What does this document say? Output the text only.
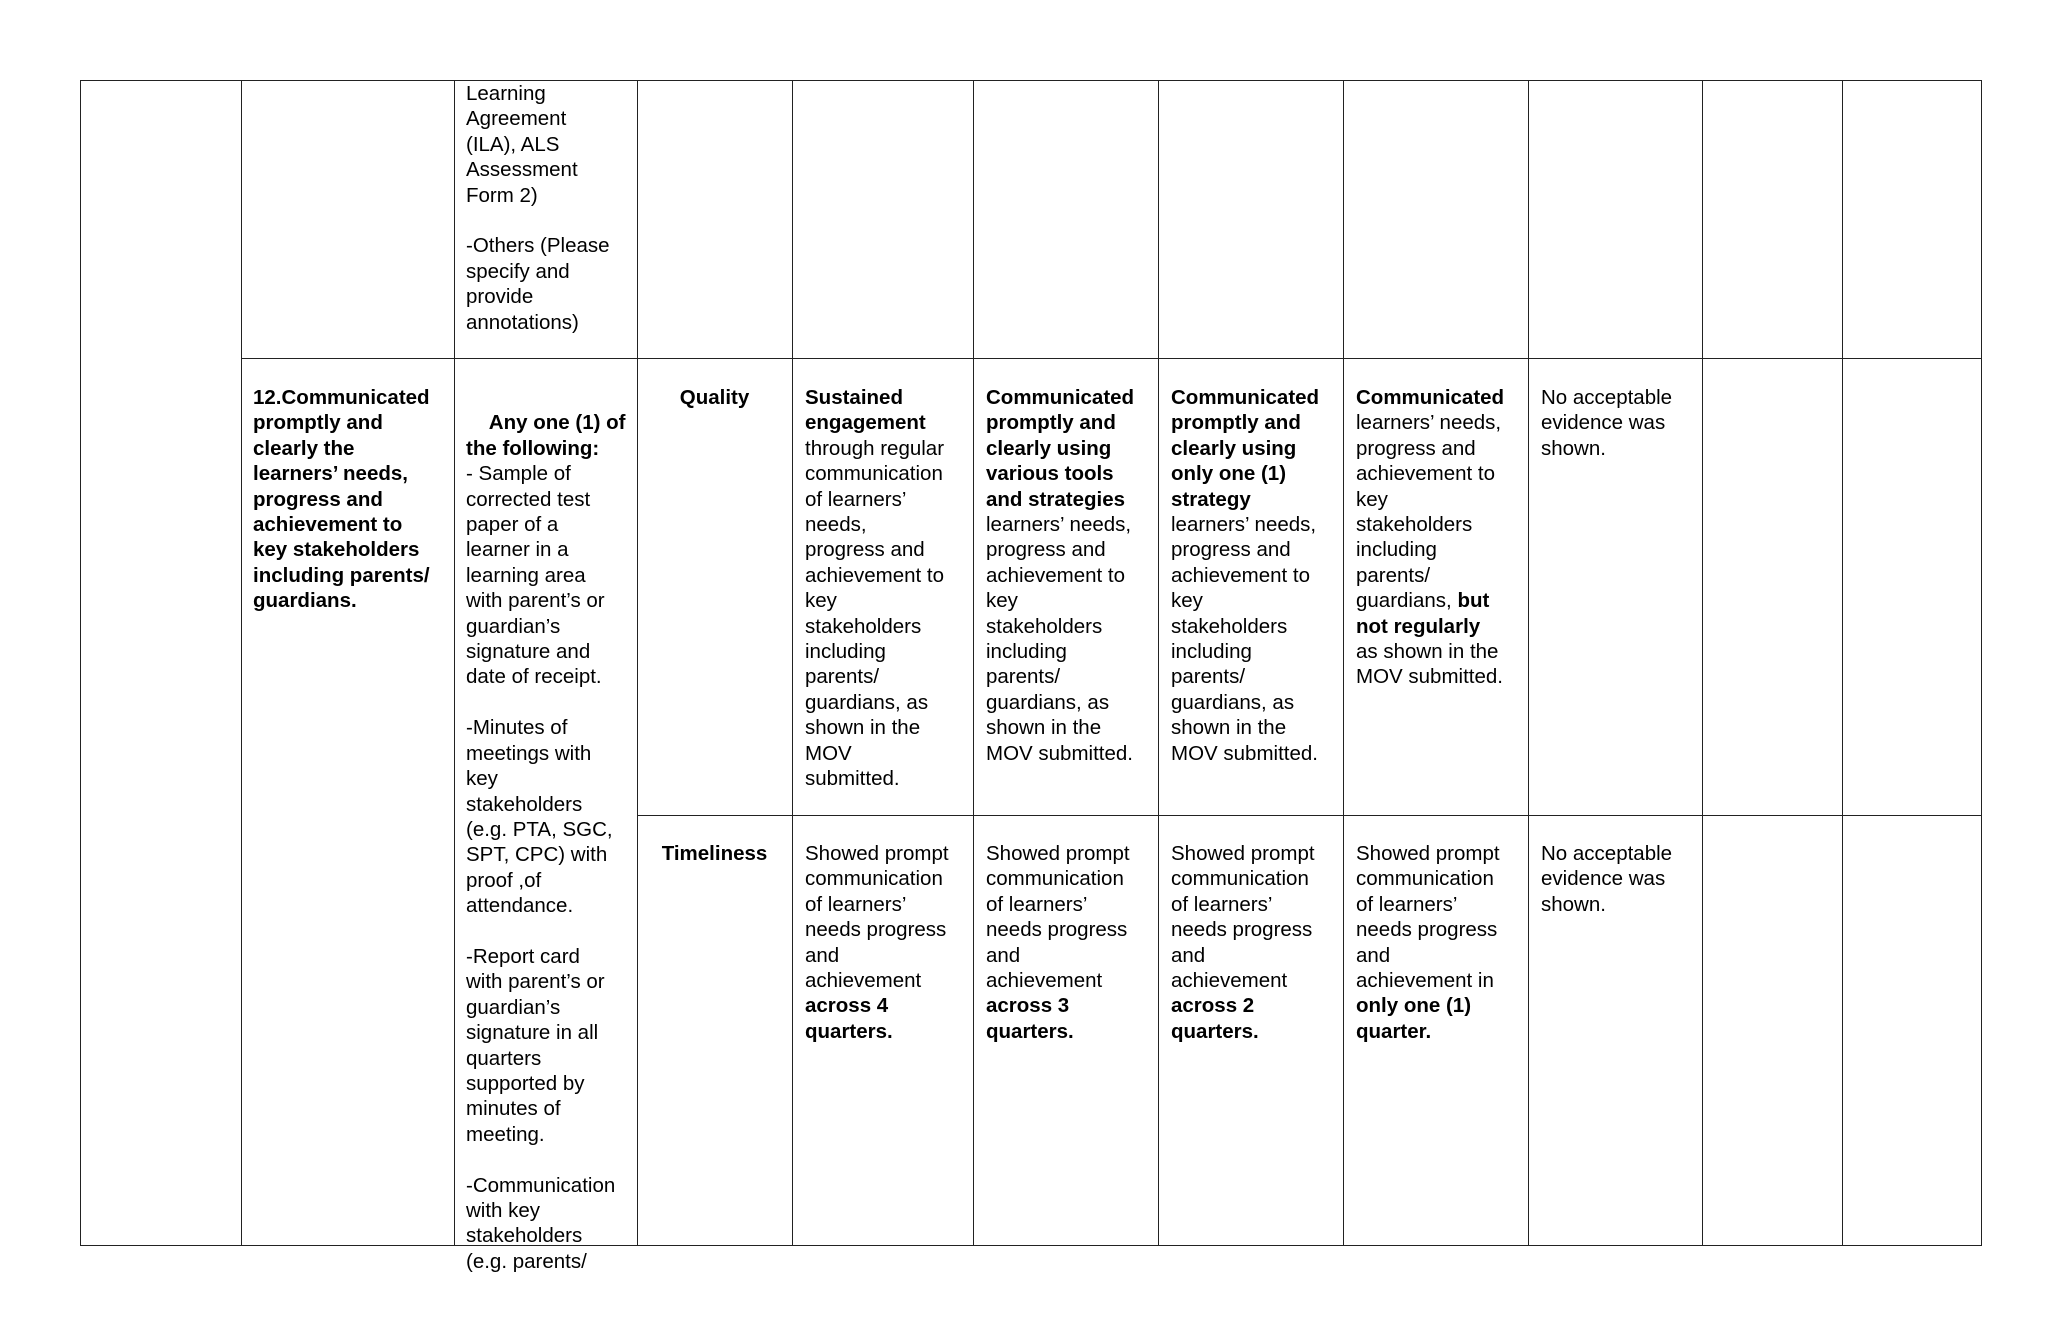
Learning
Agreement
(ILA), ALS
Assessment
Form 2)

-Others (Please
specify and
provide
annotations)

12.Communicated
promptly and
clearly the
learners’ needs,
progress and
achievement to
key stakeholders
including parents/
guardians.

Any one (1) of
the following:
- Sample of
corrected test
paper of a
learner in a
learning area
with parent’s or
guardian’s
signature and
date of receipt.

-Minutes of
meetings with
key
stakeholders
(e.g. PTA, SGC,
SPT, CPC) with
proof ,of
attendance.

-Report card
with parent’s or
guardian’s
signature in all
quarters
supported by
minutes of
meeting.

-Communication
with key
stakeholders
(e.g. parents/

Quality	Sustained
engagement
through regular
communication
of learners’
needs,
progress and
achievement to
key
stakeholders
including
parents/
guardians, as
shown in the
MOV
submitted.
Communicated
promptly and
clearly using
various tools
and strategies
learners’ needs,
progress and
achievement to
key
stakeholders
including
parents/
guardians, as
shown in the
MOV submitted.
Communicated
promptly and
clearly using
only one (1)
strategy
learners’ needs,
progress and
achievement to
key
stakeholders
including
parents/
guardians, as
shown in the
MOV submitted.
Communicated
learners’ needs,
progress and
achievement to
key
stakeholders
including
parents/
guardians, but
not regularly
as shown in the
MOV submitted.

No acceptable
evidence was
shown.

Timeliness	Showed prompt
communication
of learners’
needs progress
and
achievement
across 4
quarters.
Showed prompt
communication
of learners’
needs progress
and
achievement
across 3
quarters.
Showed prompt
communication
of learners’
needs progress
and
achievement
across 2
quarters.
Showed prompt
communication
of learners’
needs progress
and
achievement in
only one (1)
quarter.

No acceptable
evidence was
shown.
